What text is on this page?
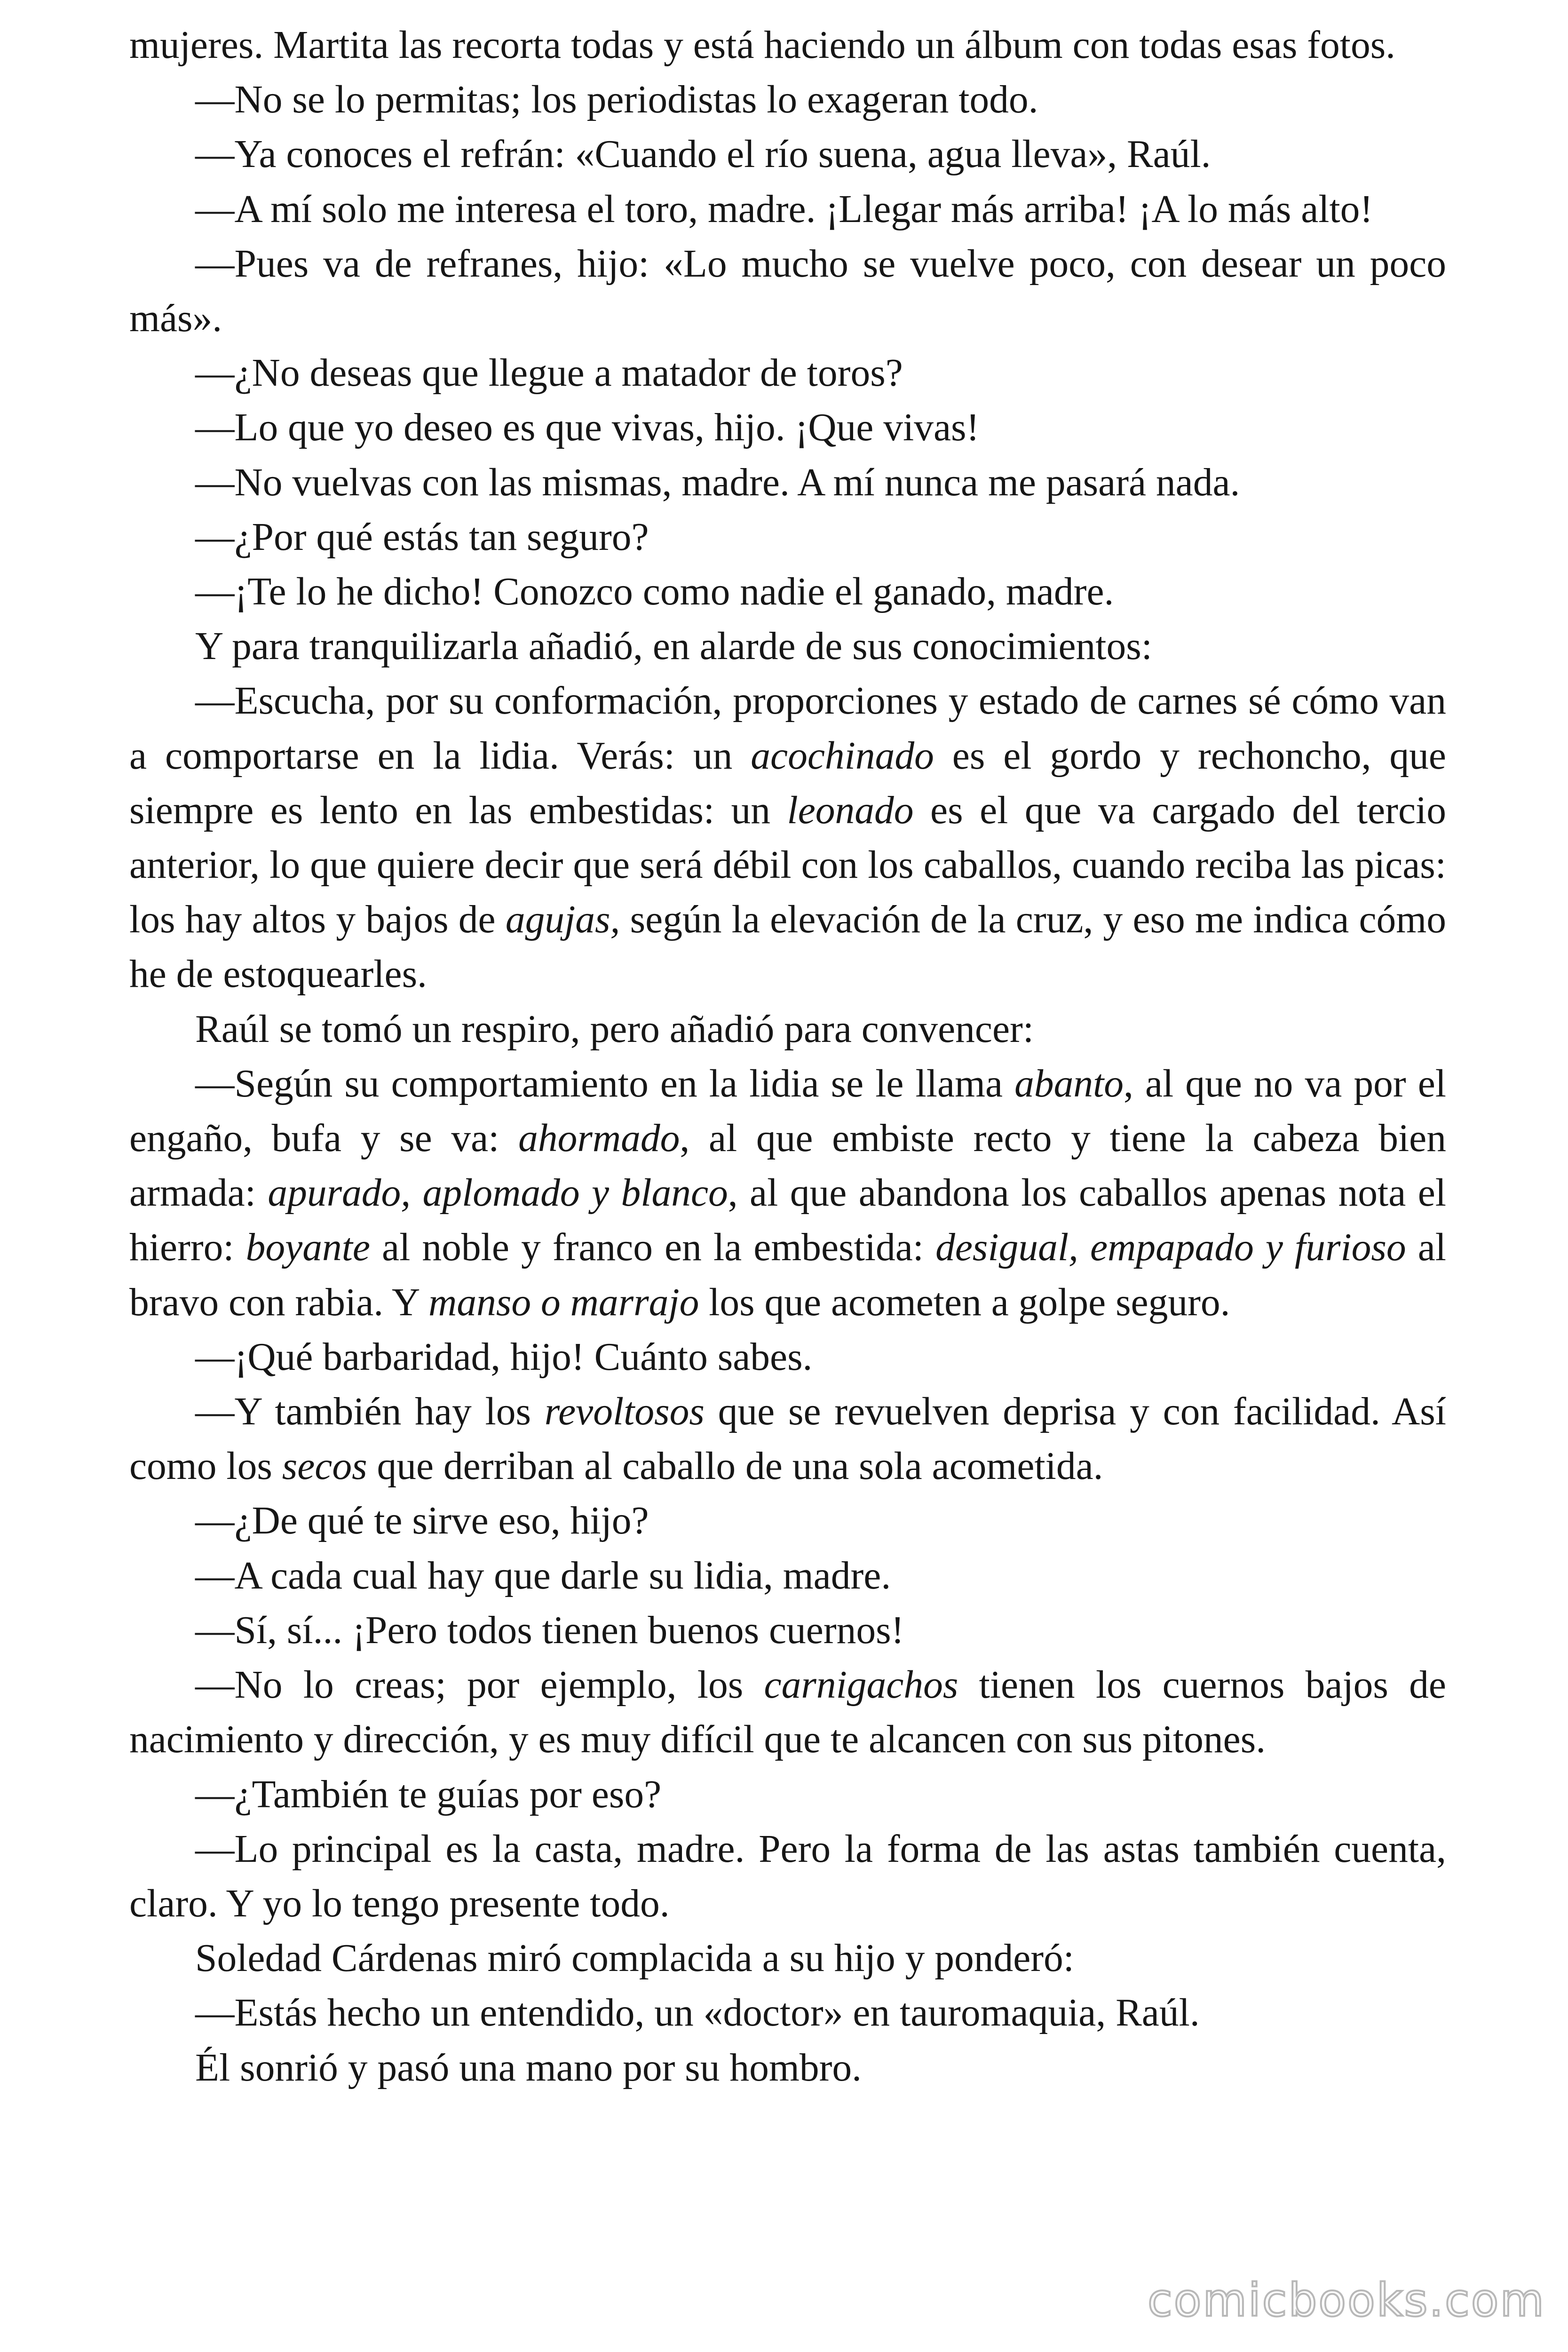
mujeres. Martita las recorta todas y está haciendo un álbum con todas esas fotos.

—No se lo permitas; los periodistas lo exageran todo.

—Ya conoces el refrán: «Cuando el río suena, agua lleva», Raúl.

—A mí solo me interesa el toro, madre. ¡Llegar más arriba! ¡A lo más alto!

—Pues va de refranes, hijo: «Lo mucho se vuelve poco, con desear un poco más».

—¿No deseas que llegue a matador de toros?

—Lo que yo deseo es que vivas, hijo. ¡Que vivas!

—No vuelvas con las mismas, madre. A mí nunca me pasará nada.

—¿Por qué estás tan seguro?

—¡Te lo he dicho! Conozco como nadie el ganado, madre.

Y para tranquilizarla añadió, en alarde de sus conocimientos:

—Escucha, por su conformación, proporciones y estado de carnes sé cómo van a comportarse en la lidia. Verás: un acochinado es el gordo y rechoncho, que siempre es lento en las embestidas: un leonado es el que va cargado del tercio anterior, lo que quiere decir que será débil con los caballos, cuando reciba las picas: los hay altos y bajos de agujas, según la elevación de la cruz, y eso me indica cómo he de estoquearles.

Raúl se tomó un respiro, pero añadió para convencer:

—Según su comportamiento en la lidia se le llama abanto, al que no va por el engaño, bufa y se va: ahormado, al que embiste recto y tiene la cabeza bien armada: apurado, aplomado y blanco, al que abandona los caballos apenas nota el hierro: boyante al noble y franco en la embestida: desigual, empapado y furioso al bravo con rabia. Y manso o marrajo los que acometen a golpe seguro.

—¡Qué barbaridad, hijo! Cuánto sabes.

—Y también hay los revoltosos que se revuelven deprisa y con facilidad. Así como los secos que derriban al caballo de una sola acometida.

—¿De qué te sirve eso, hijo?

—A cada cual hay que darle su lidia, madre.

—Sí, sí... ¡Pero todos tienen buenos cuernos!

—No lo creas; por ejemplo, los carnigachos tienen los cuernos bajos de nacimiento y dirección, y es muy difícil que te alcancen con sus pitones.

—¿También te guías por eso?

—Lo principal es la casta, madre. Pero la forma de las astas también cuenta, claro. Y yo lo tengo presente todo.

Soledad Cárdenas miró complacida a su hijo y ponderó:

—Estás hecho un entendido, un «doctor» en tauromaquia, Raúl.

Él sonrió y pasó una mano por su hombro.

comicbooks.com
